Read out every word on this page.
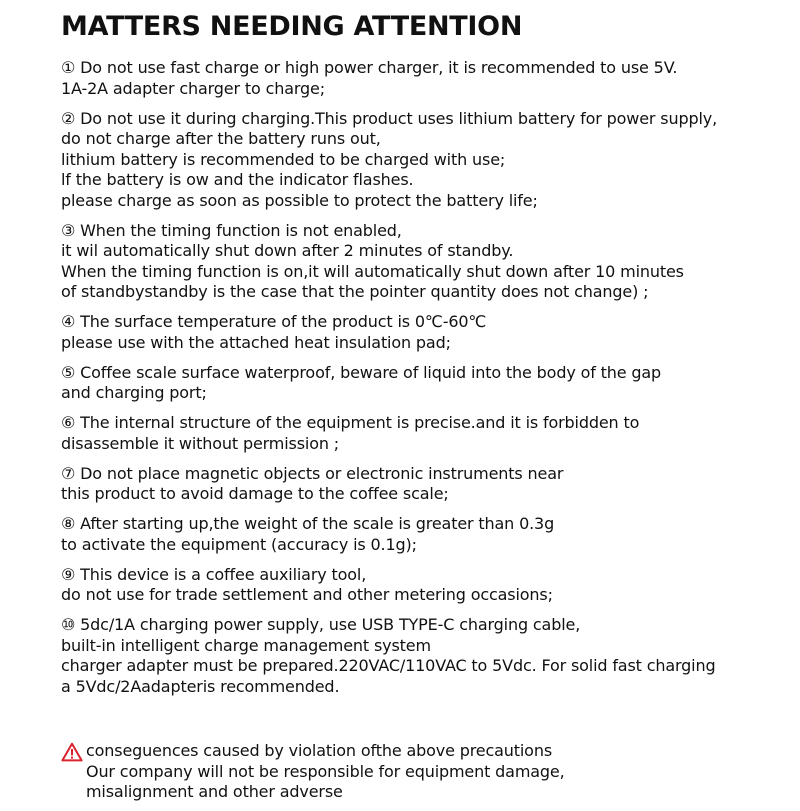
MATTERS NEEDING ATTENTION
① Do not use fast charge or high power charger, it is recommended to use 5V.
1A-2A adapter charger to charge;
② Do not use it during charging.This product uses lithium battery for power supply,
do not charge after the battery runs out,
lithium battery is recommended to be charged with use;
lf the battery is ow and the indicator flashes.
please charge as soon as possible to protect the battery life;
③ When the timing function is not enabled,
it wil automatically shut down after 2 minutes of standby.
When the timing function is on,it will automatically shut down after 10 minutes
of standbystandby is the case that the pointer quantity does not change) ;
④ The surface temperature of the product is 0℃-60℃
please use with the attached heat insulation pad;
⑤ Coffee scale surface waterproof, beware of liquid into the body of the gap
and charging port;
⑥ The internal structure of the equipment is precise.and it is forbidden to
disassemble it without permission ;
⑦ Do not place magnetic objects or electronic instruments near
this product to avoid damage to the coffee scale;
⑧ After starting up,the weight of the scale is greater than 0.3g
to activate the equipment (accuracy is 0.1g);
⑨ This device is a coffee auxiliary tool,
do not use for trade settlement and other metering occasions;
⑩ 5dc/1A charging power supply, use USB TYPE-C charging cable,
built-in intelligent charge management system
charger adapter must be prepared.220VAC/110VAC to 5Vdc. For solid fast charging
a 5Vdc/2Aadapteris recommended.
conseguences caused by violation ofthe above precautions
Our company will not be responsible for equipment damage,
misalignment and other adverse
